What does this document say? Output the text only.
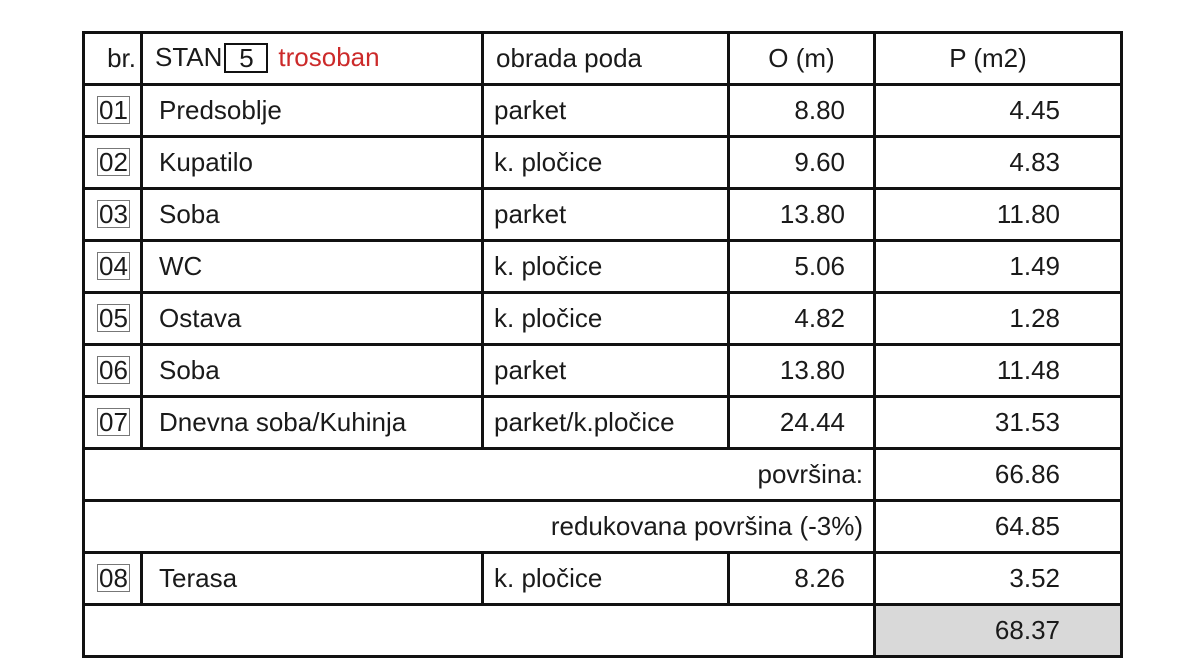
br.	STAN 5 trosoban	obrada poda	O (m)	P (m2)
01	Predsoblje	parket	8.80	4.45
02	Kupatilo	k. pločice	9.60	4.83
03	Soba	parket	13.80	11.80
04	WC	k. pločice	5.06	1.49
05	Ostava	k. pločice	4.82	1.28
06	Soba	parket	13.80	11.48
07	Dnevna soba/Kuhinja	parket/k.pločice	24.44	31.53
površina:				66.86
redukovana površina (-3%)				64.85
08	Terasa	k. pločice	8.26	3.52
				68.37
